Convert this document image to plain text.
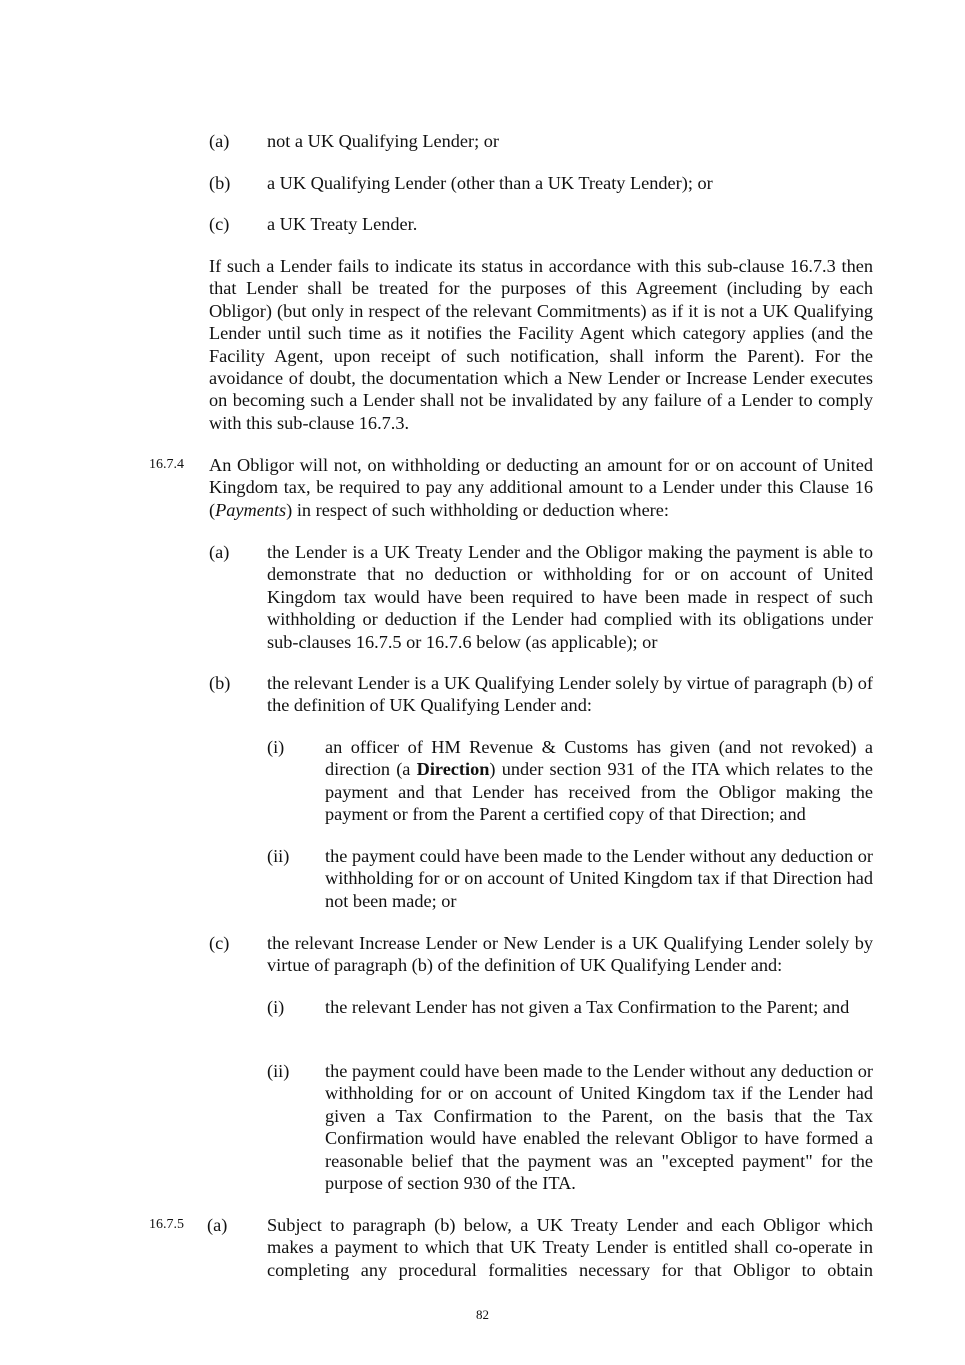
(a) not a UK Qualifying Lender; or
(b) a UK Qualifying Lender (other than a UK Treaty Lender); or
(c) a UK Treaty Lender.
If such a Lender fails to indicate its status in accordance with this sub-clause 16.7.3 then that Lender shall be treated for the purposes of this Agreement (including by each Obligor) (but only in respect of the relevant Commitments) as if it is not a UK Qualifying Lender until such time as it notifies the Facility Agent which category applies (and the Facility Agent, upon receipt of such notification, shall inform the Parent). For the avoidance of doubt, the documentation which a New Lender or Increase Lender executes on becoming such a Lender shall not be invalidated by any failure of a Lender to comply with this sub-clause 16.7.3.
16.7.4 An Obligor will not, on withholding or deducting an amount for or on account of United Kingdom tax, be required to pay any additional amount to a Lender under this Clause 16 (Payments) in respect of such withholding or deduction where:
(a) the Lender is a UK Treaty Lender and the Obligor making the payment is able to demonstrate that no deduction or withholding for or on account of United Kingdom tax would have been required to have been made in respect of such withholding or deduction if the Lender had complied with its obligations under sub-clauses 16.7.5 or 16.7.6 below (as applicable); or
(b) the relevant Lender is a UK Qualifying Lender solely by virtue of paragraph (b) of the definition of UK Qualifying Lender and:
(i) an officer of HM Revenue & Customs has given (and not revoked) a direction (a Direction) under section 931 of the ITA which relates to the payment and that Lender has received from the Obligor making the payment or from the Parent a certified copy of that Direction; and
(ii) the payment could have been made to the Lender without any deduction or withholding for or on account of United Kingdom tax if that Direction had not been made; or
(c) the relevant Increase Lender or New Lender is a UK Qualifying Lender solely by virtue of paragraph (b) of the definition of UK Qualifying Lender and:
(i) the relevant Lender has not given a Tax Confirmation to the Parent; and
(ii) the payment could have been made to the Lender without any deduction or withholding for or on account of United Kingdom tax if the Lender had given a Tax Confirmation to the Parent, on the basis that the Tax Confirmation would have enabled the relevant Obligor to have formed a reasonable belief that the payment was an "excepted payment" for the purpose of section 930 of the ITA.
16.7.5 (a) Subject to paragraph (b) below, a UK Treaty Lender and each Obligor which makes a payment to which that UK Treaty Lender is entitled shall co-operate in completing any procedural formalities necessary for that Obligor to obtain
82
